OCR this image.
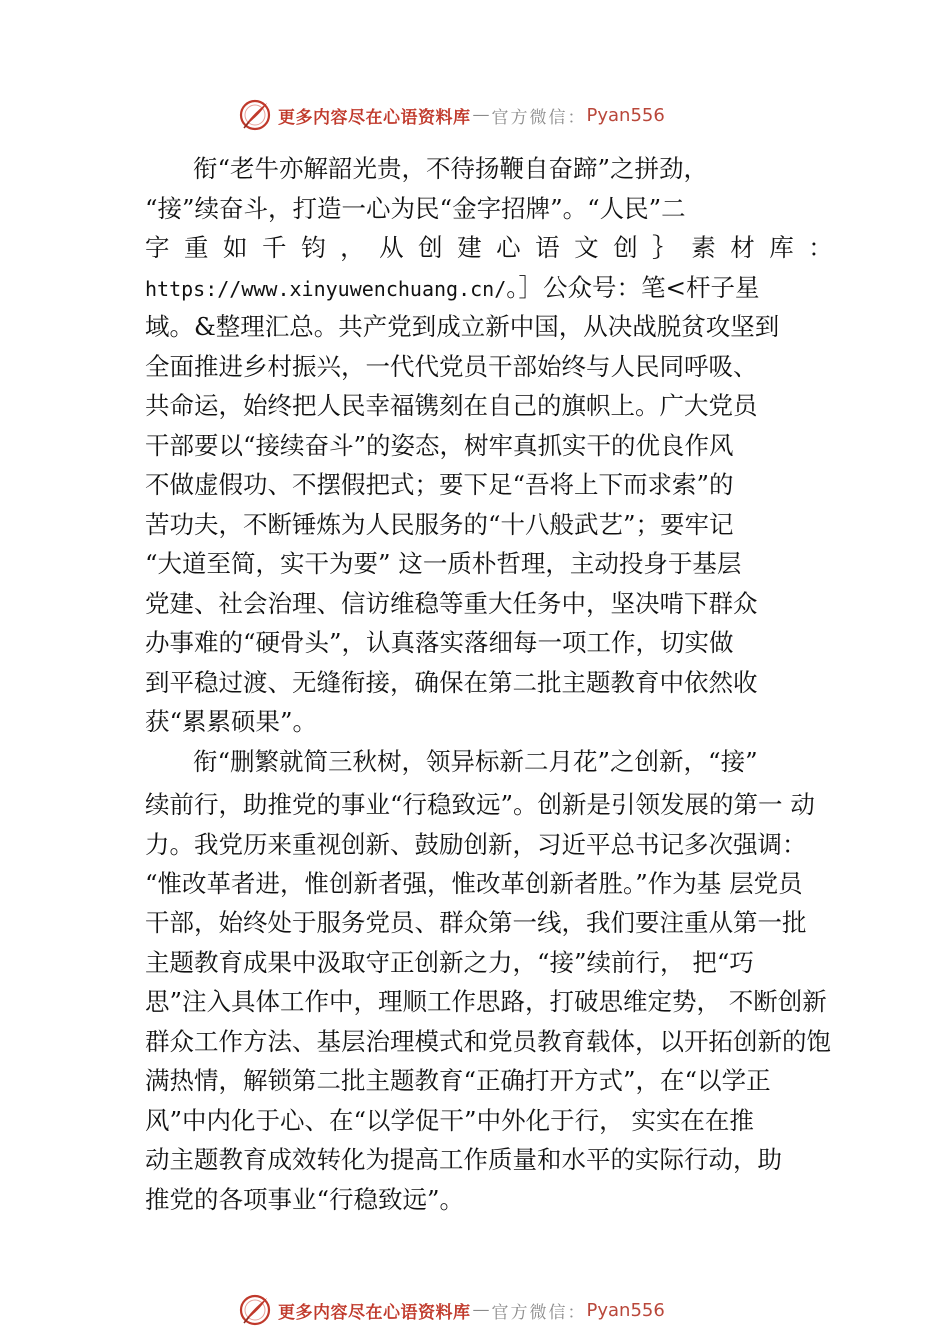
更多内容尽在心语资料库 — 官方微信： Pyan556
衔“老牛亦解韶光贵，不待扬鞭自奋蹄”之拼劲，
“接”续奋斗，打造一心为民“金字招牌”。“人民”二
字 重 如 千 钧 ， 从 创 建 心 语 文 创 ｝ 素 材 库 ：
https://www.xinyuwenchuang.cn/。］公众号：笔<杆子星
域。&整理汇总。共产党到成立新中国，从决战脱贫攻坚到
全面推进乡村振兴，一代代党员干部始终与人民同呼吸、
共命运，始终把人民幸福镌刻在自己的旗帜上。广大党员
干部要以“接续奋斗”的姿态，树牢真抓实干的优良作风
不做虚假功、不摆假把式；要下足“吾将上下而求索”的
苦功夫，不断锤炼为人民服务的“十八般武艺”；要牢记
“大道至简，实干为要” 这一质朴哲理，主动投身于基层
党建、社会治理、信访维稳等重大任务中，坚决啃下群众
办事难的“硬骨头”，认真落实落细每一项工作，切实做
到平稳过渡、无缝衔接，确保在第二批主题教育中依然收
获“累累硕果”。
衔“删繁就简三秋树，领异标新二月花”之创新，“接”
续前行，助推党的事业“行稳致远”。创新是引领发展的第一 动
力。我党历来重视创新、鼓励创新，习近平总书记多次强调：
“惟改革者进，惟创新者强，惟改革创新者胜。”作为基 层党员
干部，始终处于服务党员、群众第一线，我们要注重从第一批
主题教育成果中汲取守正创新之力，“接”续前行， 把“巧
思”注入具体工作中，理顺工作思路，打破思维定势， 不断创新
群众工作方法、基层治理模式和党员教育载体，以开拓创新的饱
满热情，解锁第二批主题教育“正确打开方式”，在“以学正
风”中内化于心、在“以学促干”中外化于行， 实实在在推
动主题教育成效转化为提高工作质量和水平的实际行动，助
推党的各项事业“行稳致远”。
更多内容尽在心语资料库 — 官方微信： Pyan556
